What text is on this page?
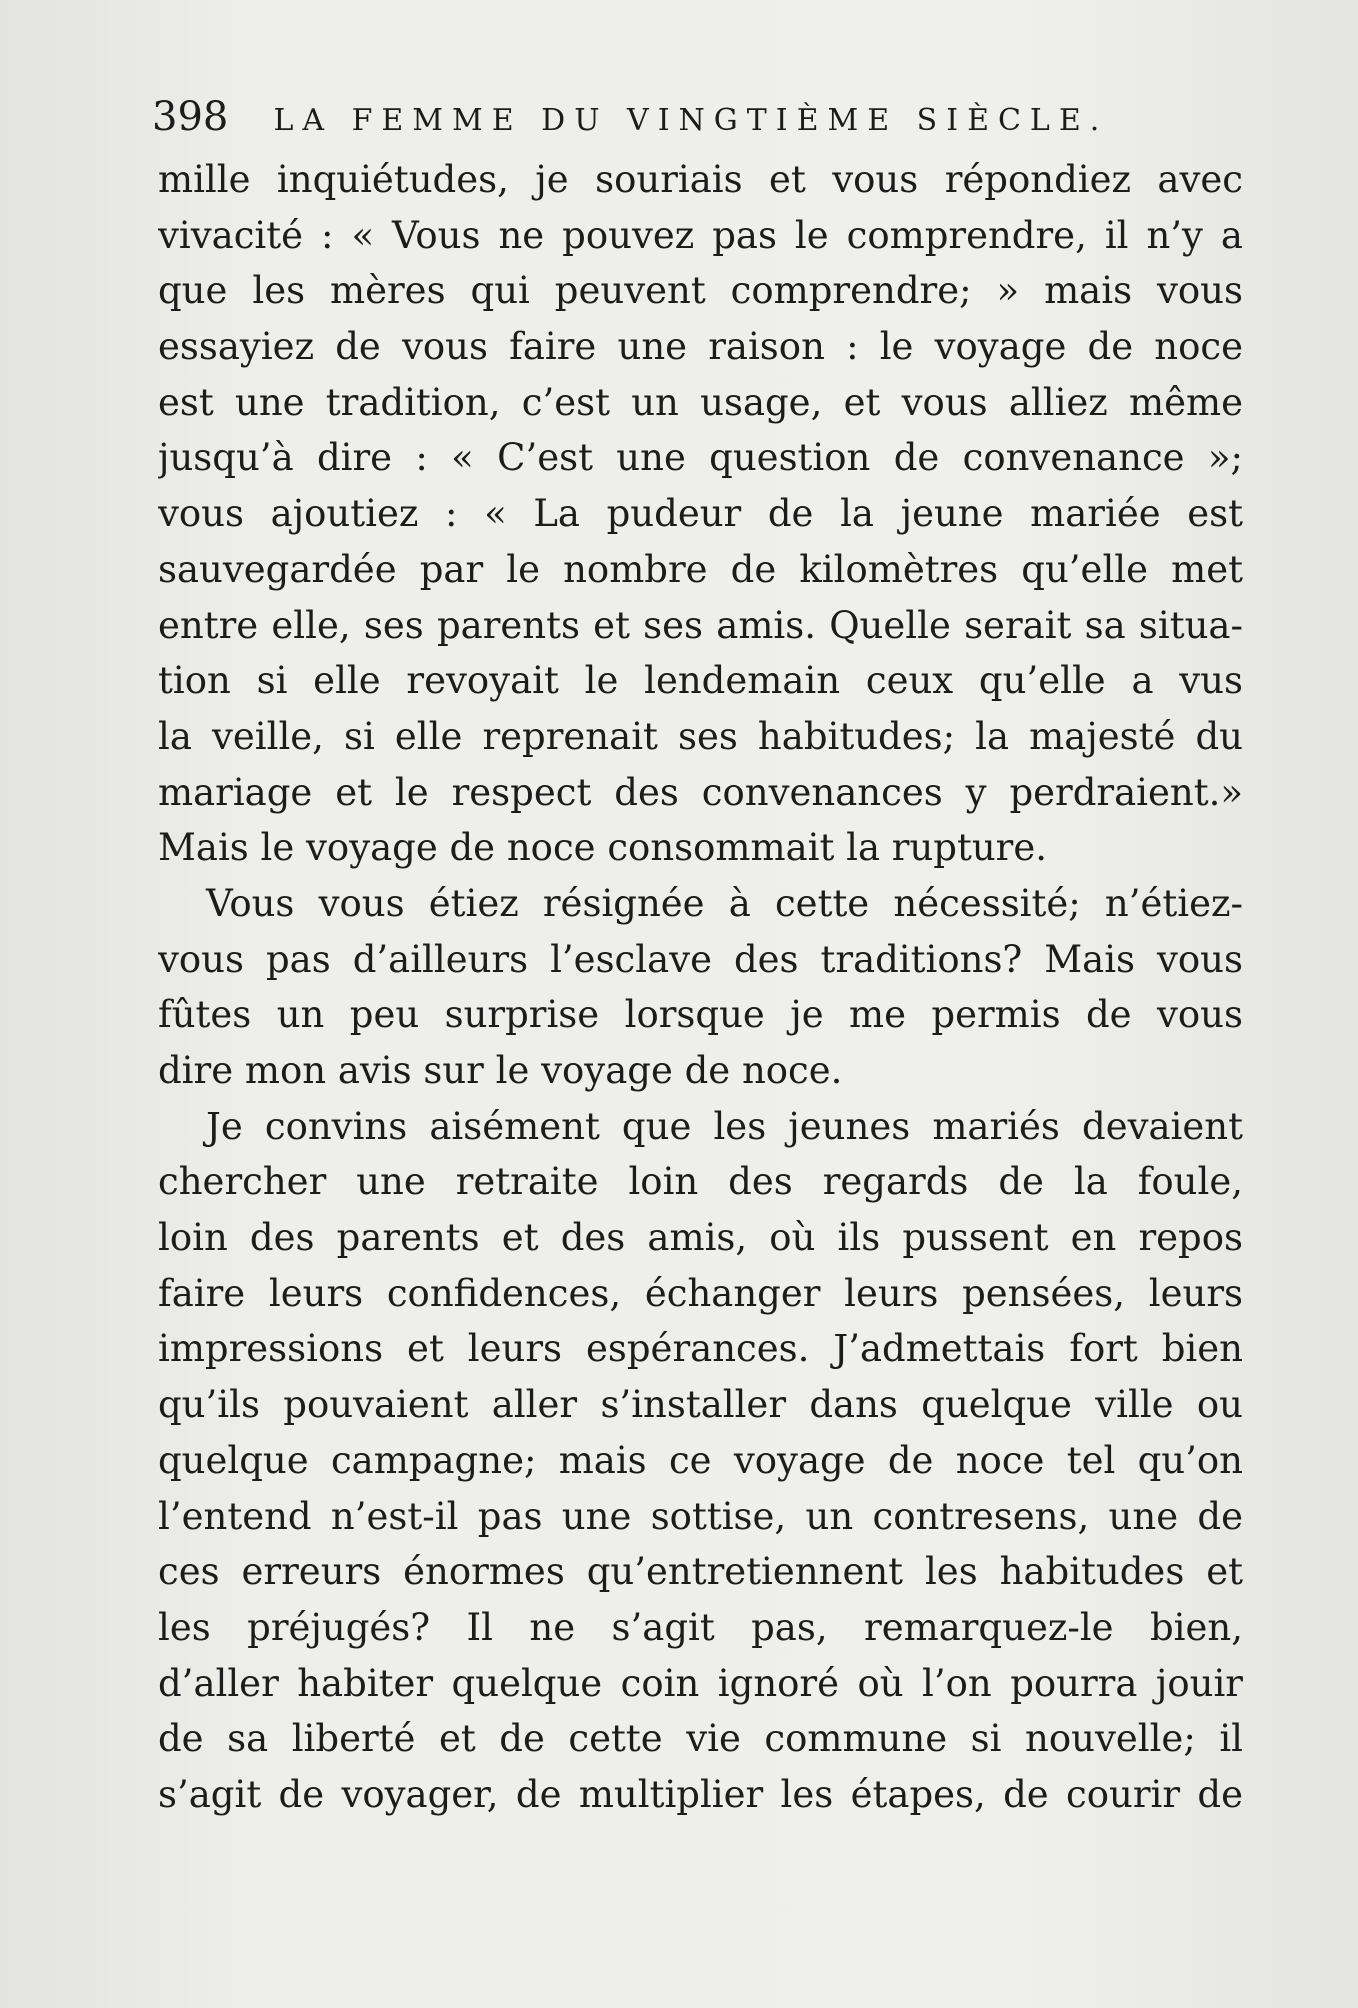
398 LA FEMME DU VINGTIÈME SIÈCLE.
mille inquiétudes, je souriais et vous répondiez avec
vivacité : « Vous ne pouvez pas le comprendre, il n’y a
que les mères qui peuvent comprendre; » mais vous
essayiez de vous faire une raison : le voyage de noce
est une tradition, c’est un usage, et vous alliez même
jusqu’à dire : « C’est une question de convenance »;
vous ajoutiez : « La pudeur de la jeune mariée est
sauvegardée par le nombre de kilomètres qu’elle met
entre elle, ses parents et ses amis. Quelle serait sa situa-
tion si elle revoyait le lendemain ceux qu’elle a vus
la veille, si elle reprenait ses habitudes; la majesté du
mariage et le respect des convenances y perdraient.»
Mais le voyage de noce consommait la rupture.
Vous vous étiez résignée à cette nécessité; n’étiez-
vous pas d’ailleurs l’esclave des traditions? Mais vous
fûtes un peu surprise lorsque je me permis de vous
dire mon avis sur le voyage de noce.
Je convins aisément que les jeunes mariés devaient
chercher une retraite loin des regards de la foule,
loin des parents et des amis, où ils pussent en repos
faire leurs confidences, échanger leurs pensées, leurs
impressions et leurs espérances. J’admettais fort bien
qu’ils pouvaient aller s’installer dans quelque ville ou
quelque campagne; mais ce voyage de noce tel qu’on
l’entend n’est-il pas une sottise, un contresens, une de
ces erreurs énormes qu’entretiennent les habitudes et
les préjugés? Il ne s’agit pas, remarquez-le bien,
d’aller habiter quelque coin ignoré où l’on pourra jouir
de sa liberté et de cette vie commune si nouvelle; il
s’agit de voyager, de multiplier les étapes, de courir de
